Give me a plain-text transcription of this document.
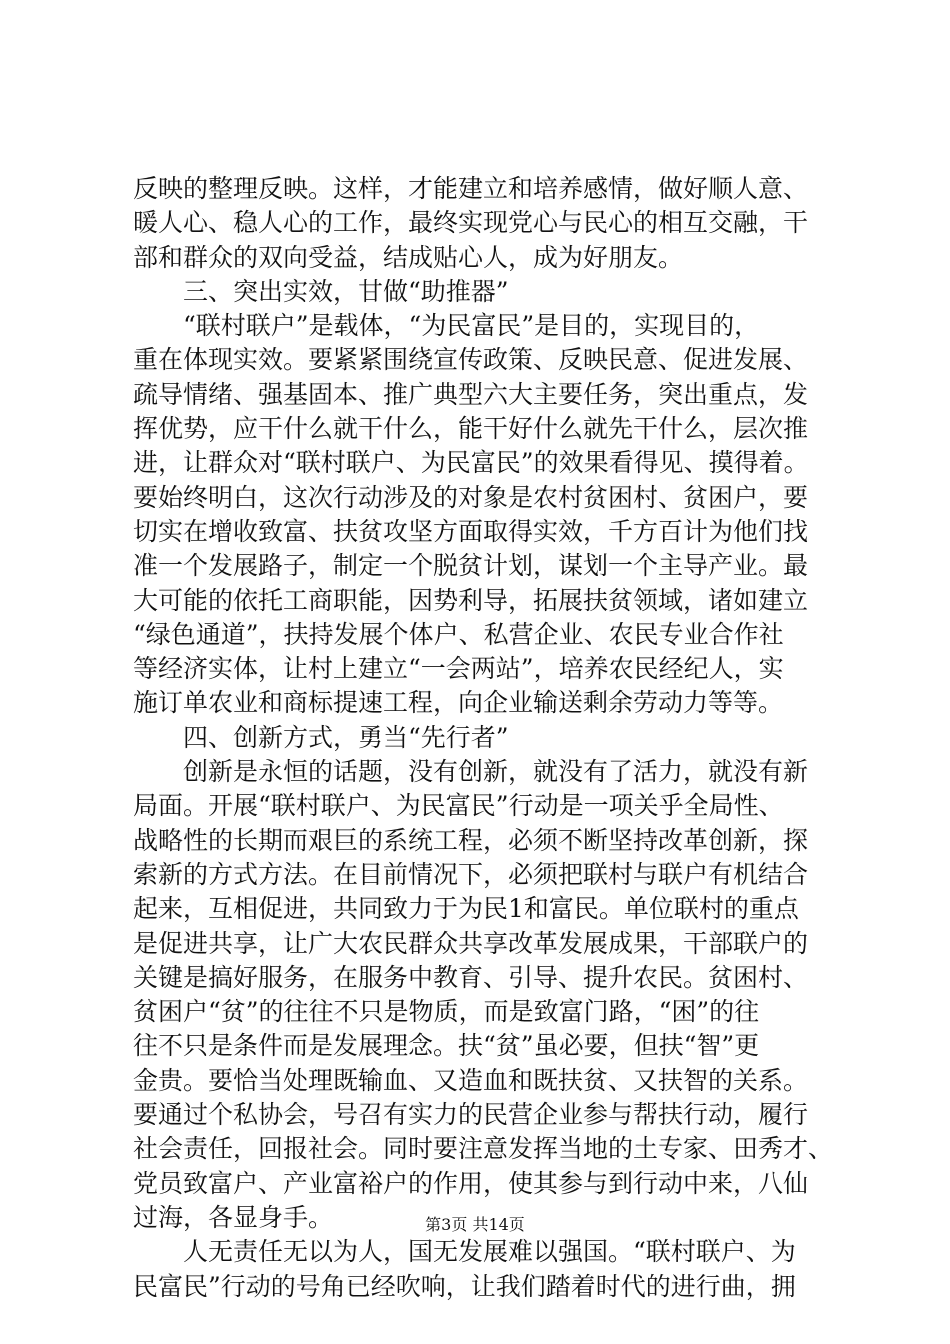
反映的整理反映。这样，才能建立和培养感情，做好顺人意、
暖人心、稳人心的工作，最终实现党心与民心的相互交融，干
部和群众的双向受益，结成贴心人，成为好朋友。
　　三、突出实效，甘做“助推器”
　　“联村联户”是载体，“为民富民”是目的，实现目的，
重在体现实效。要紧紧围绕宣传政策、反映民意、促进发展、
疏导情绪、强基固本、推广典型六大主要任务，突出重点，发
挥优势，应干什么就干什么，能干好什么就先干什么，层次推
进，让群众对“联村联户、为民富民”的效果看得见、摸得着。
要始终明白，这次行动涉及的对象是农村贫困村、贫困户，要
切实在增收致富、扶贫攻坚方面取得实效，千方百计为他们找
准一个发展路子，制定一个脱贫计划，谋划一个主导产业。最
大可能的依托工商职能，因势利导，拓展扶贫领域，诸如建立
“绿色通道”，扶持发展个体户、私营企业、农民专业合作社
等经济实体，让村上建立“一会两站”，培养农民经纪人，实
施订单农业和商标提速工程，向企业输送剩余劳动力等等。
　　四、创新方式，勇当“先行者”
　　创新是永恒的话题，没有创新，就没有了活力，就没有新
局面。开展“联村联户、为民富民”行动是一项关乎全局性、
战略性的长期而艰巨的系统工程，必须不断坚持改革创新，探
索新的方式方法。在目前情况下，必须把联村与联户有机结合
起来，互相促进，共同致力于为民1和富民。单位联村的重点
是促进共享，让广大农民群众共享改革发展成果，干部联户的
关键是搞好服务，在服务中教育、引导、提升农民。贫困村、
贫困户“贫”的往往不只是物质，而是致富门路，“困”的往
往不只是条件而是发展理念。扶“贫”虽必要，但扶“智”更
金贵。要恰当处理既输血、又造血和既扶贫、又扶智的关系。
要通过个私协会，号召有实力的民营企业参与帮扶行动，履行
社会责任，回报社会。同时要注意发挥当地的土专家、田秀才、
党员致富户、产业富裕户的作用，使其参与到行动中来，八仙
过海，各显身手。
　　人无责任无以为人，国无发展难以强国。“联村联户、为
民富民”行动的号角已经吹响，让我们踏着时代的进行曲，拥
第3页 共14页
